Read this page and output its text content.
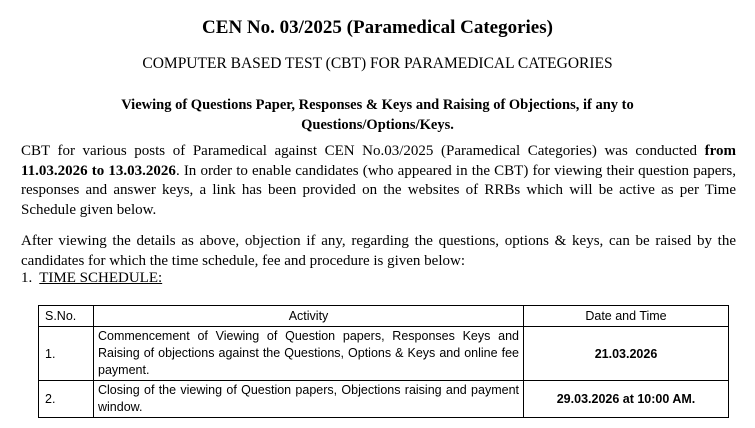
CEN No. 03/2025 (Paramedical Categories)
COMPUTER BASED TEST (CBT) FOR PARAMEDICAL CATEGORIES
Viewing of Questions Paper, Responses & Keys and Raising of Objections, if any to
Questions/Options/Keys.
CBT for various posts of Paramedical against CEN No.03/2025 (Paramedical Categories) was conducted from 11.03.2026 to 13.03.2026. In order to enable candidates (who appeared in the CBT) for viewing their question papers, responses and answer keys, a link has been provided on the websites of RRBs which will be active as per Time Schedule given below.
After viewing the details as above, objection if any, regarding the questions, options & keys, can be raised by the candidates for which the time schedule, fee and procedure is given below:
1. TIME SCHEDULE:
S.No.	Activity	Date and Time
1.	Commencement of Viewing of Question papers, Responses Keys and Raising of objections against the Questions, Options & Keys and online fee payment.	21.03.2026
2.	Closing of the viewing of Question papers, Objections raising and payment window.	29.03.2026 at 10:00 AM.
